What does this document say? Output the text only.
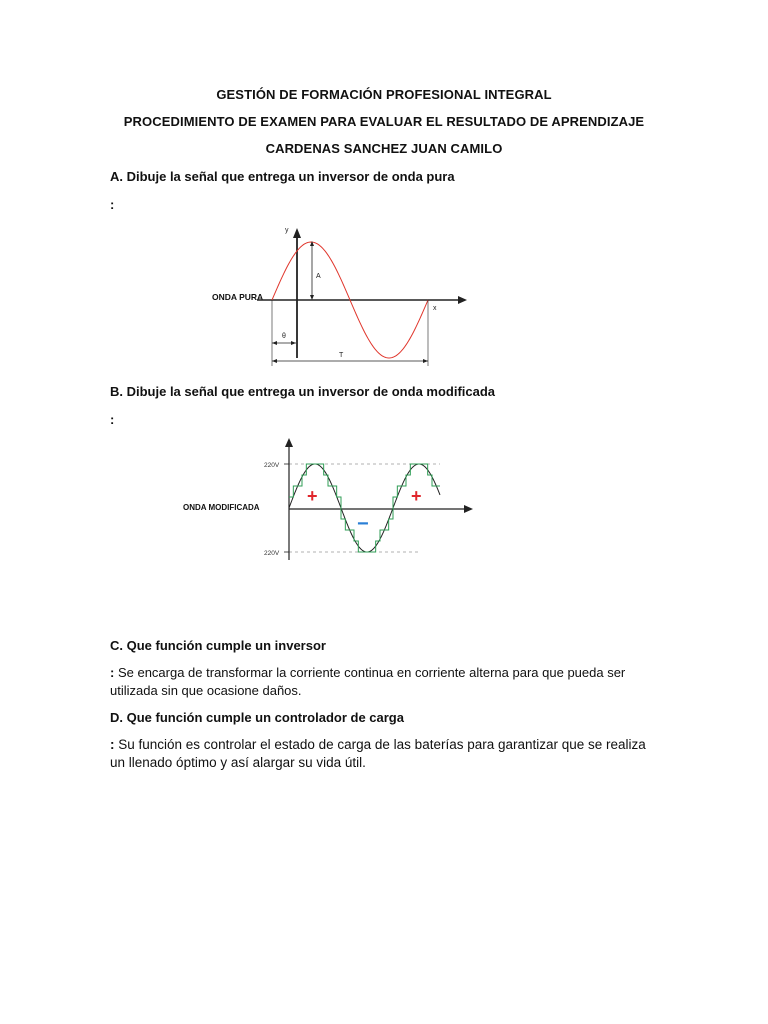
GESTIÓN DE FORMACIÓN PROFESIONAL INTEGRAL
PROCEDIMIENTO DE EXAMEN PARA EVALUAR EL RESULTADO DE APRENDIZAJE
CARDENAS SANCHEZ JUAN CAMILO
A. Dibuje la señal que entrega un inversor de onda pura
:
ONDA PURA
x
y
A
θ
T
B. Dibuje la señal que entrega un inversor de onda modificada
:
ONDA MODIFICADA
220V
220V
+	+
−
C. Que función cumple un inversor
: Se encarga de transformar la corriente continua en corriente alterna para que pueda ser utilizada sin que ocasione daños.
D. Que función cumple un controlador de carga
: Su función es controlar el estado de carga de las baterías para garantizar que se realiza un llenado óptimo y así alargar su vida útil.
